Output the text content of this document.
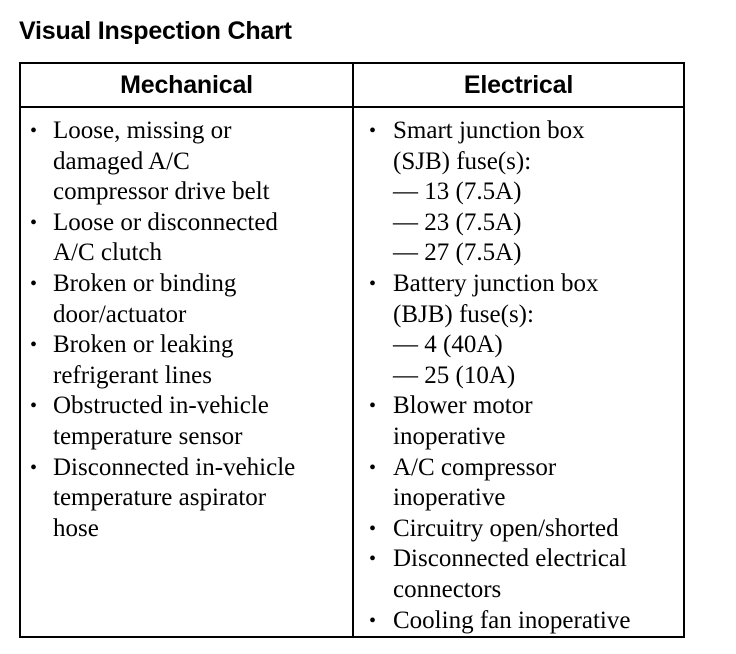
Visual Inspection Chart
Mechanical	Electrical
• Loose, missing or
damaged A/C
compressor drive belt
• Loose or disconnected
A/C clutch
• Broken or binding
door/actuator
• Broken or leaking
refrigerant lines
• Obstructed in-vehicle
temperature sensor
• Disconnected in-vehicle
temperature aspirator
hose
• Smart junction box
(SJB) fuse(s):
— 13 (7.5A)
— 23 (7.5A)
— 27 (7.5A)
• Battery junction box
(BJB) fuse(s):
— 4 (40A)
— 25 (10A)
• Blower motor
inoperative
• A/C compressor
inoperative
• Circuitry open/shorted
• Disconnected electrical
connectors
• Cooling fan inoperative
